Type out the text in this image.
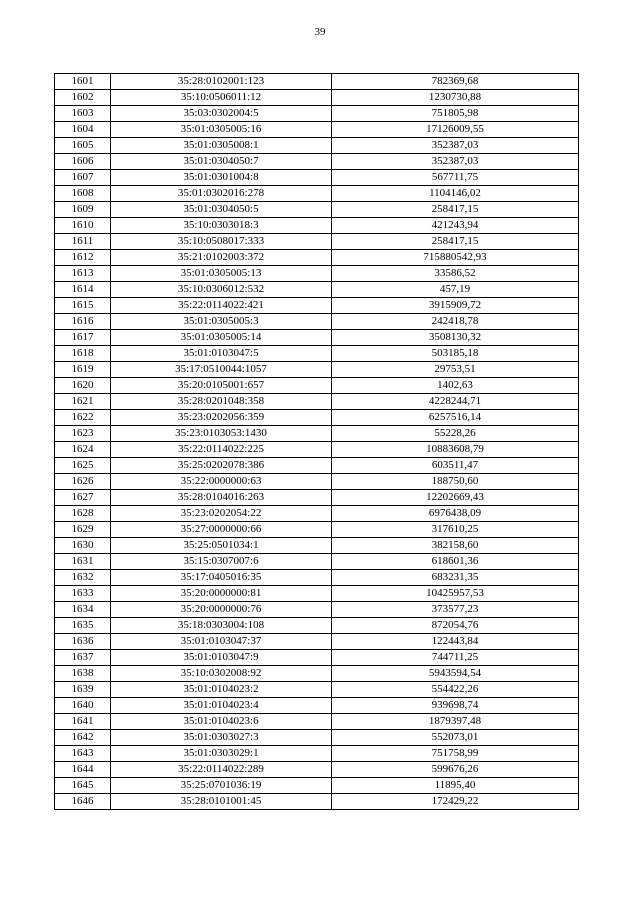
39
1601	35:28:0102001:123	782369,68
1602	35:10:0506011:12	1230730,88
1603	35:03:0302004:5	751805,98
1604	35:01:0305005:16	17126009,55
1605	35:01:0305008:1	352387,03
1606	35:01:0304050:7	352387,03
1607	35:01:0301004:8	567711,75
1608	35:01:0302016:278	1104146,02
1609	35:01:0304050:5	258417,15
1610	35:10:0303018:3	421243,94
1611	35:10:0508017:333	258417,15
1612	35:21:0102003:372	715880542,93
1613	35:01:0305005:13	33586,52
1614	35:10:0306012:532	457,19
1615	35:22:0114022:421	3915909,72
1616	35:01:0305005:3	242418,78
1617	35:01:0305005:14	3508130,32
1618	35:01:0103047:5	503185,18
1619	35:17:0510044:1057	29753,51
1620	35:20:0105001:657	1402,63
1621	35:28:0201048:358	4228244,71
1622	35:23:0202056:359	6257516,14
1623	35:23:0103053:1430	55228,26
1624	35:22:0114022:225	10883608,79
1625	35:25:0202078:386	603511,47
1626	35:22:0000000:63	188750,60
1627	35:28:0104016:263	12202669,43
1628	35:23:0202054:22	6976438,09
1629	35:27:0000000:66	317610,25
1630	35:25:0501034:1	382158,60
1631	35:15:0307007:6	618601,36
1632	35:17:0405016:35	683231,35
1633	35:20:0000000:81	10425957,53
1634	35:20:0000000:76	373577,23
1635	35:18:0303004:108	872054,76
1636	35:01:0103047:37	122443,84
1637	35:01:0103047:9	744711,25
1638	35:10:0302008:92	5943594,54
1639	35:01:0104023:2	554422,26
1640	35:01:0104023:4	939698,74
1641	35:01:0104023:6	1879397,48
1642	35:01:0303027:3	552073,01
1643	35:01:0303029:1	751758,99
1644	35:22:0114022:289	599676,26
1645	35:25:0701036:19	11895,40
1646	35:28:0101001:45	172429,22
